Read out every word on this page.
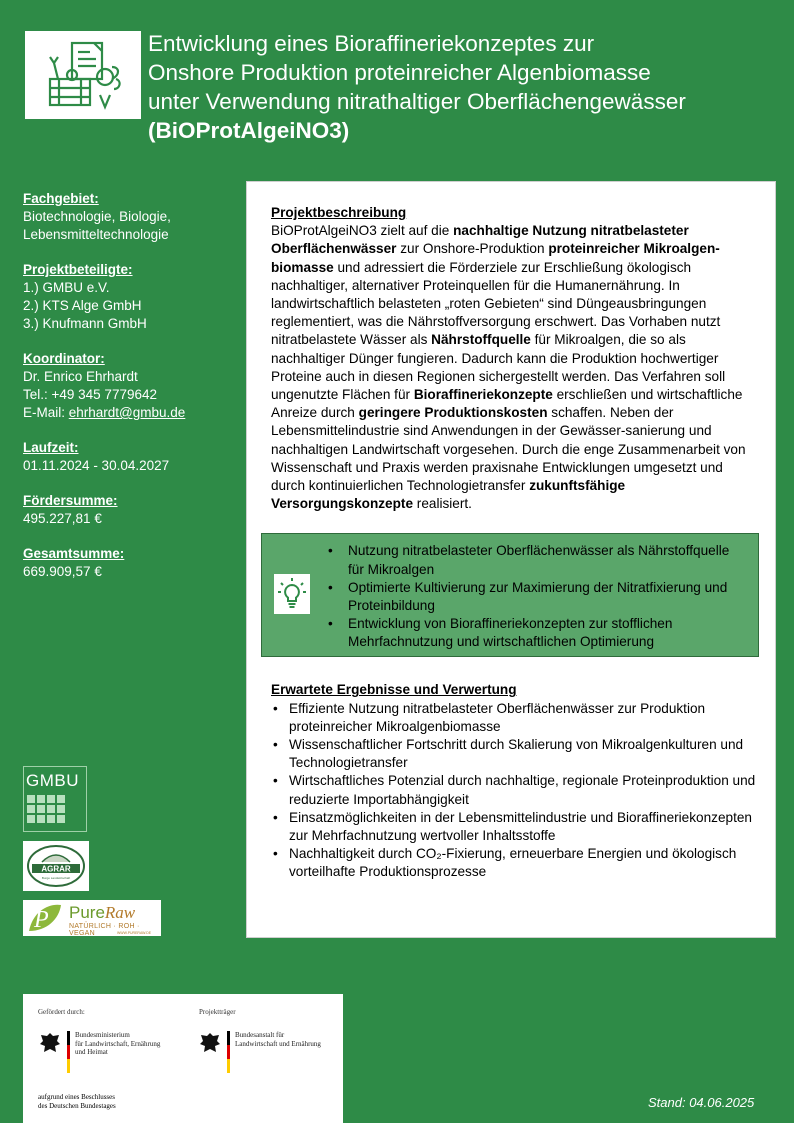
Entwicklung eines Bioraffineriekonzeptes zur
Onshore Produktion proteinreicher Algenbiomasse
unter Verwendung nitrathaltiger Oberflächengewässer
(BiOProtAlgeiNO3)
Fachgebiet:
Biotechnologie, Biologie,
Lebensmitteltechnologie
Projektbeteiligte:
1.) GMBU e.V.
2.) KTS Alge GmbH
3.) Knufmann GmbH
Koordinator:
Dr. Enrico Ehrhardt
Tel.: +49 345 7779642
E-Mail: ehrhardt@gmbu.de
Laufzeit:
01.11.2024 - 30.04.2027
Fördersumme:
495.227,81 €
Gesamtsumme:
669.909,57 €
GMBU
AGRAR
Burgo Landwirtschaft
P PureRaw
NATÜRLICH · ROH · VEGAN	WWW.PURERAW.DE
Projektbeschreibung
BiOProtAlgeiNO3 zielt auf die nachhaltige Nutzung nitratbelasteter Oberflächenwässer zur Onshore-Produktion proteinreicher Mikroalgen-biomasse und adressiert die Förderziele zur Erschließung ökologisch nachhaltiger, alternativer Proteinquellen für die Humanernährung. In landwirtschaftlich belasteten „roten Gebieten“ sind Düngeausbringungen reglementiert, was die Nährstoffversorgung erschwert. Das Vorhaben nutzt nitratbelastete Wässer als Nährstoffquelle für Mikroalgen, die so als nachhaltiger Dünger fungieren. Dadurch kann die Produktion hochwertiger Proteine auch in diesen Regionen sichergestellt werden. Das Verfahren soll ungenutzte Flächen für Bioraffineriekonzepte erschließen und wirtschaftliche Anreize durch geringere Produktionskosten schaffen. Neben der Lebensmittelindustrie sind Anwendungen in der Gewässer-sanierung und nachhaltigen Landwirtschaft vorgesehen. Durch die enge Zusammenarbeit von Wissenschaft und Praxis werden praxisnahe Entwicklungen umgesetzt und durch kontinuierlichen Technologietransfer zukunftsfähige Versorgungskonzepte realisiert.
• Nutzung nitratbelasteter Oberflächenwässer als Nährstoffquelle für Mikroalgen
• Optimierte Kultivierung zur Maximierung der Nitratfixierung und Proteinbildung
• Entwicklung von Bioraffineriekonzepten zur stofflichen Mehrfachnutzung und wirtschaftlichen Optimierung
Erwartete Ergebnisse und Verwertung
• Effiziente Nutzung nitratbelasteter Oberflächenwässer zur Produktion proteinreicher Mikroalgenbiomasse
• Wissenschaftlicher Fortschritt durch Skalierung von Mikroalgenkulturen und Technologietransfer
• Wirtschaftliches Potenzial durch nachhaltige, regionale Proteinproduktion und reduzierte Importabhängigkeit
• Einsatzmöglichkeiten in der Lebensmittelindustrie und Bioraffineriekonzepten zur Mehrfachnutzung wertvoller Inhaltsstoffe
• Nachhaltigkeit durch CO₂-Fixierung, erneuerbare Energien und ökologisch vorteilhafte Produktionsprozesse
Gefördert durch:	Projektträger
Bundesministerium
für Landwirtschaft, Ernährung
und Heimat
Bundesanstalt für
Landwirtschaft und Ernährung
aufgrund eines Beschlusses
des Deutschen Bundestages	Stand: 04.06.2025
